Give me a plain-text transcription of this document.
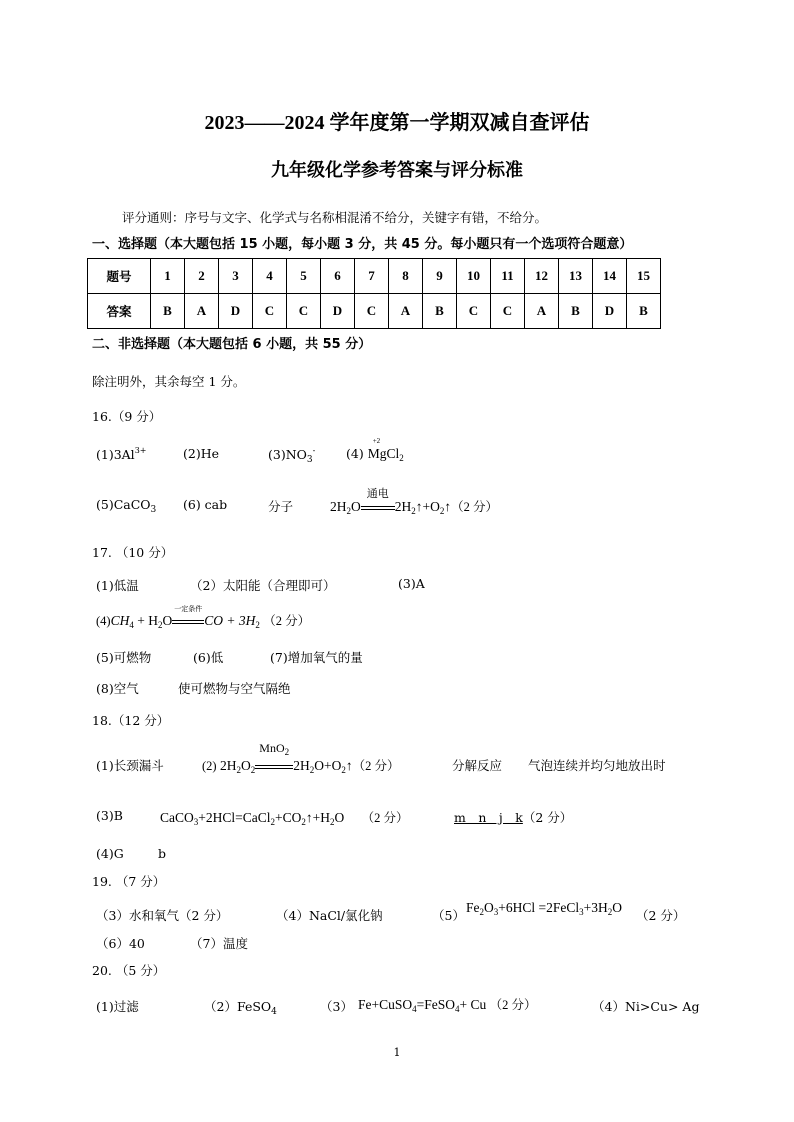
2023——2024 学年度第一学期双减自查评估
九年级化学参考答案与评分标准
评分通则：序号与文字、化学式与名称相混淆不给分，关键字有错，不给分。
一、选择题（本大题包括 15 小题，每小题 3 分，共 45 分。每小题只有一个选项符合题意）
题号	1	2	3	4	5	6	7	8	9	10	11	12	13	14	15
答案	B	A	D	C	C	D	C	A	B	C	C	A	B	D	B
二、非选择题（本大题包括 6 小题，共 55 分）
除注明外，其余每空 1 分。
16.（9 分）
$(1)3Al^{3+}$	(2)He	$(3)NO_3^-$ (4)
+2
MgCl$_2$
(5)CaCO$_3$ (6) cab	分子	$2H_2O$
通电
$2H_2↑+O_2↑(2$ 分）
17. （10 分）
(1)低温	（2）太阳能（合理即可）	(3)A
$(4)CH_4 + H_2O$
一定条件
CO + $3H_2$ （2 分）
(5)可燃物	(6)低	(7)增加氧气的量
(8)空气	使可燃物与空气隔绝
18.（12 分）
(1)长颈漏斗	(2) $2H_2O_2$
MnO$_2$
$2H_2O+O_2↑(2$ 分）	分解反应 气泡连续并均匀地放出时
(3)B	$CaCO_3+2HCl=CaCl_2+CO_2↑+H_2O$ （2 分）	m　n　j　k（2 分）
(4)G	b
19. （7 分）
（3）水和氧气（2 分）	（4）NaCl/氯化钠	（5）
$Fe_2O_3+6HCl$ $=2FeCl_3+3H_2O$
（2 分）
（6）40	（7）温度
20. （5 分）
(1)过滤	（2）FeSO$_4$	（3） Fe+CuSO$_4$=FeSO$_4$+ Cu （2 分）	（4）Ni>Cu> Ag
1
